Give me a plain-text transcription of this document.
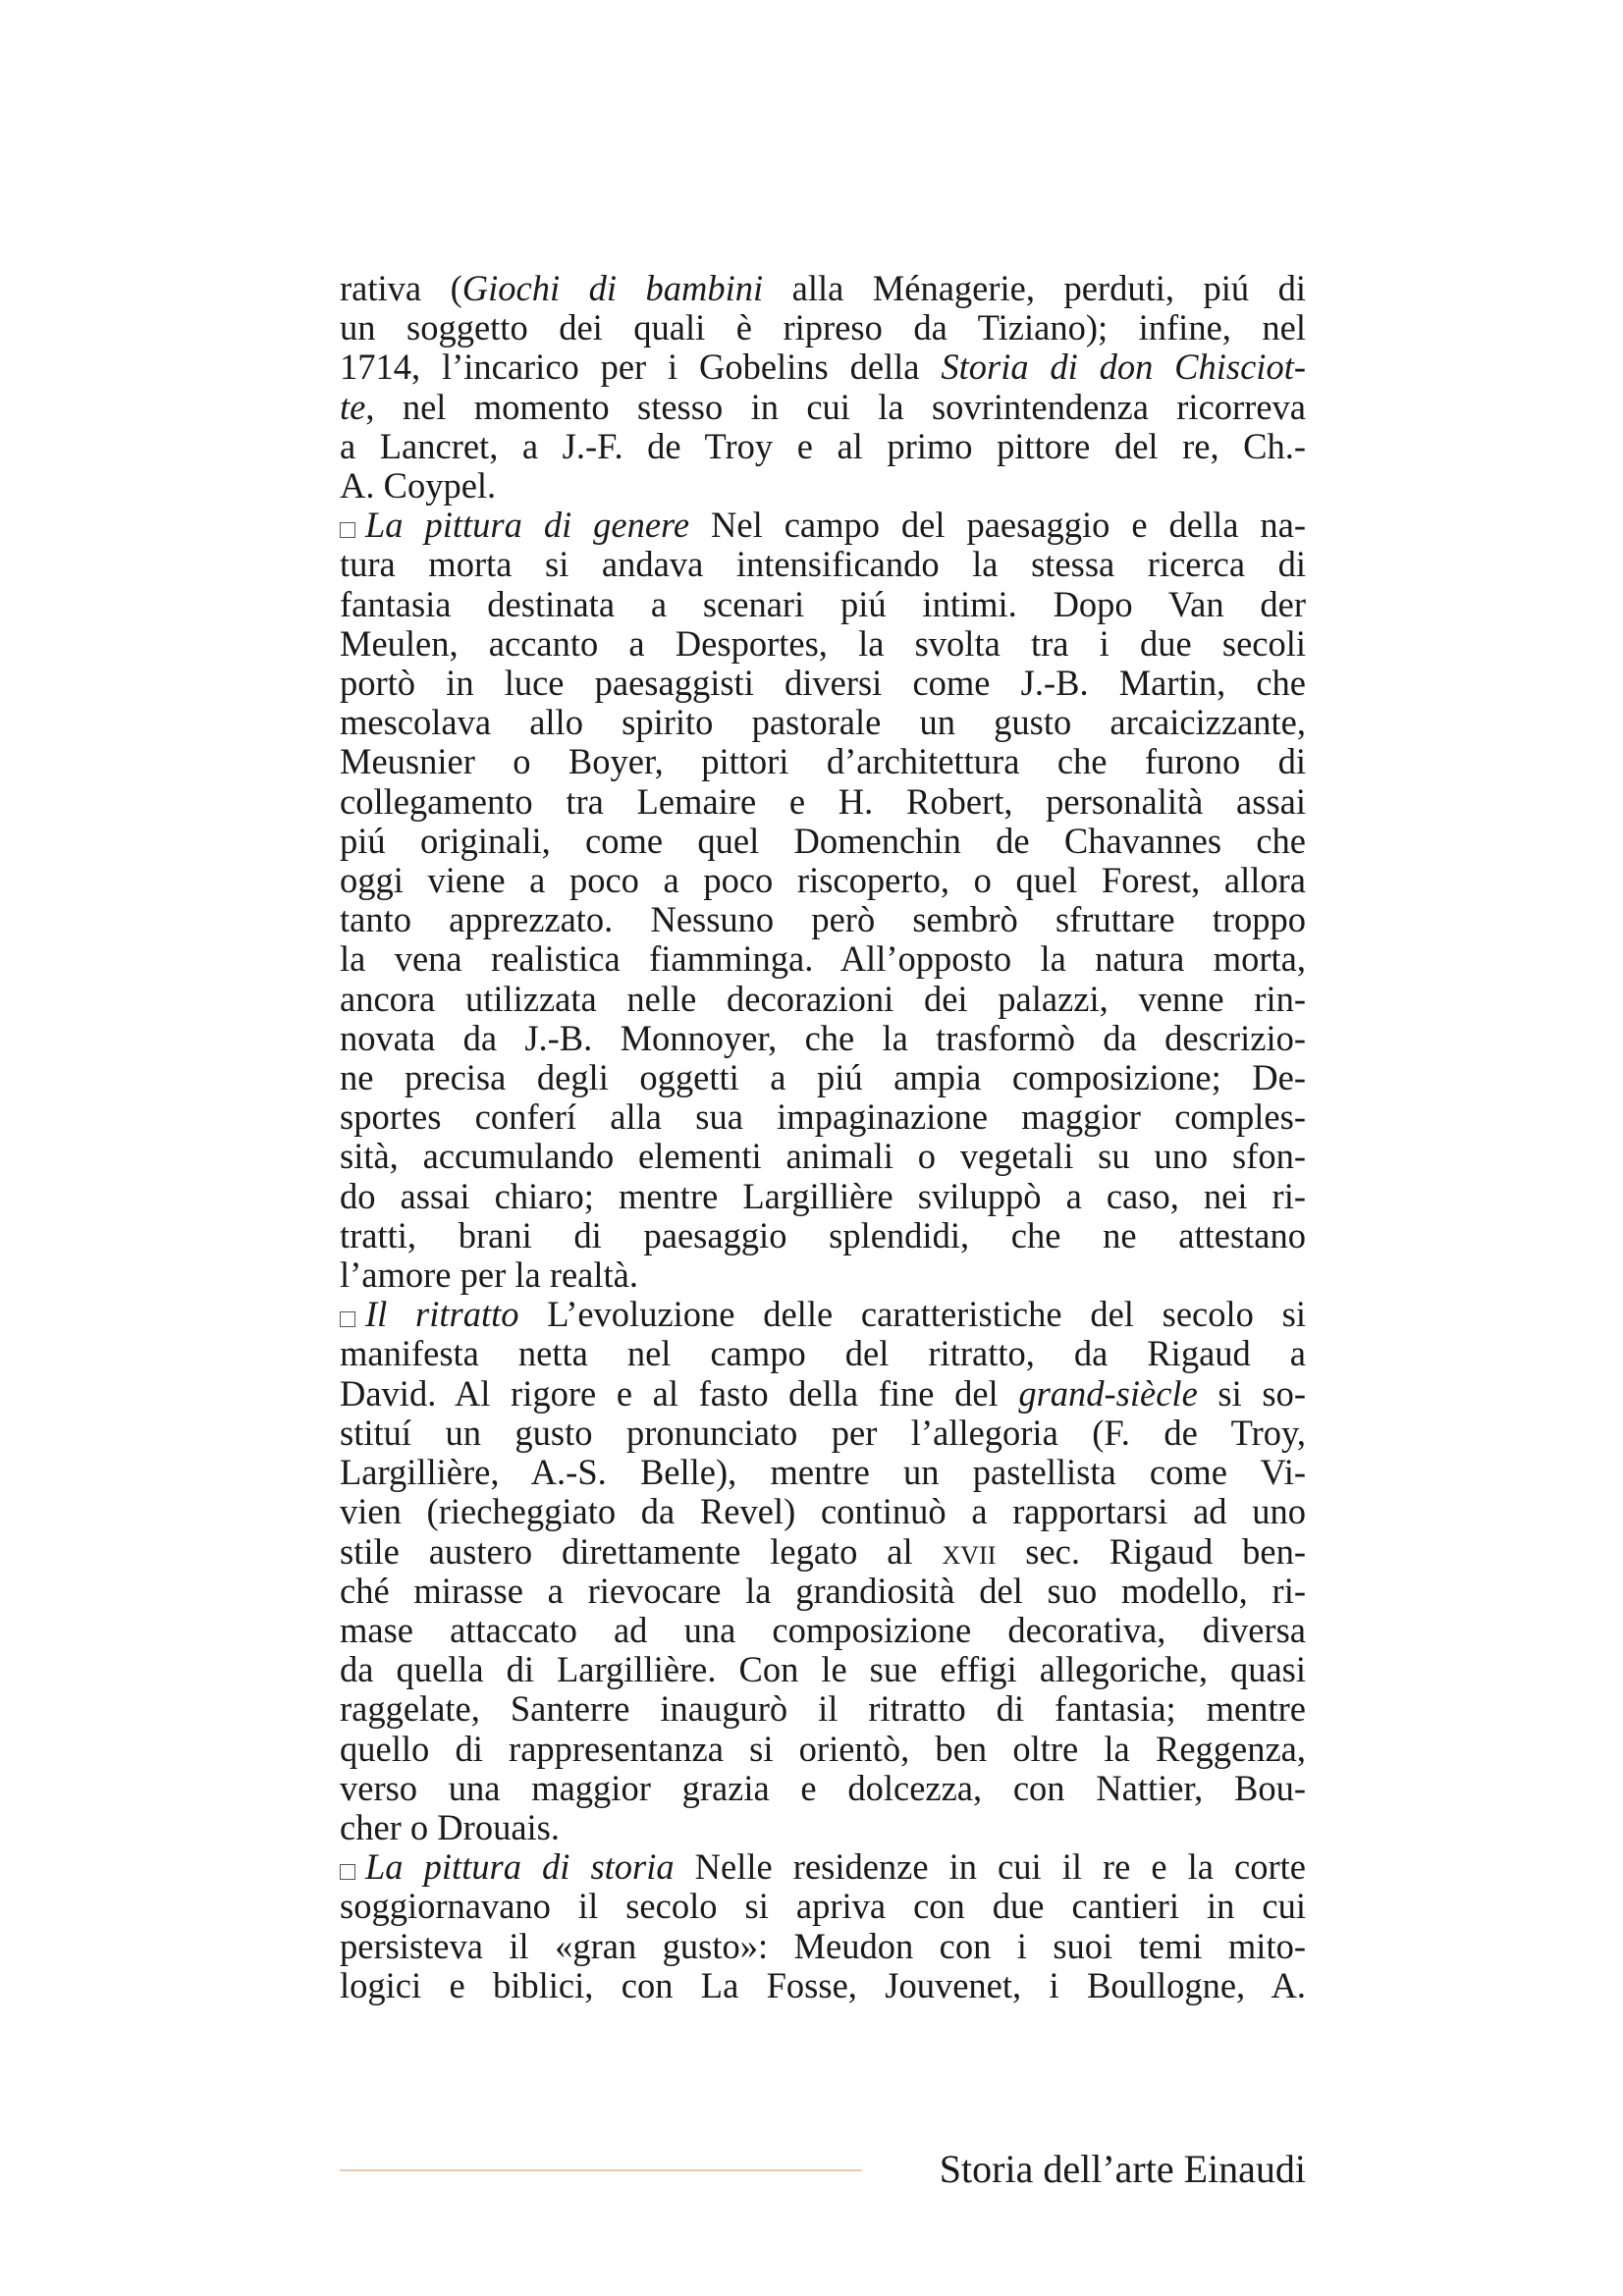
rativa (Giochi di bambini alla Ménagerie, perduti, piú di
un soggetto dei quali è ripreso da Tiziano); infine, nel
1714, l’incarico per i Gobelins della Storia di don Chisciot-
te, nel momento stesso in cui la sovrintendenza ricorreva
a Lancret, a J.-F. de Troy e al primo pittore del re, Ch.-
A. Coypel.
La pittura di genere Nel campo del paesaggio e della na-
tura morta si andava intensificando la stessa ricerca di
fantasia destinata a scenari piú intimi. Dopo Van der
Meulen, accanto a Desportes, la svolta tra i due secoli
portò in luce paesaggisti diversi come J.-B. Martin, che
mescolava allo spirito pastorale un gusto arcaicizzante,
Meusnier o Boyer, pittori d’architettura che furono di
collegamento tra Lemaire e H. Robert, personalità assai
piú originali, come quel Domenchin de Chavannes che
oggi viene a poco a poco riscoperto, o quel Forest, allora
tanto apprezzato. Nessuno però sembrò sfruttare troppo
la vena realistica fiamminga. All’opposto la natura morta,
ancora utilizzata nelle decorazioni dei palazzi, venne rin-
novata da J.-B. Monnoyer, che la trasformò da descrizio-
ne precisa degli oggetti a piú ampia composizione; De-
sportes conferí alla sua impaginazione maggior comples-
sità, accumulando elementi animali o vegetali su uno sfon-
do assai chiaro; mentre Largillière sviluppò a caso, nei ri-
tratti, brani di paesaggio splendidi, che ne attestano
l’amore per la realtà.
Il ritratto L’evoluzione delle caratteristiche del secolo si
manifesta netta nel campo del ritratto, da Rigaud a
David. Al rigore e al fasto della fine del grand-siècle si so-
stituí un gusto pronunciato per l’allegoria (F. de Troy,
Largillière, A.-S. Belle), mentre un pastellista come Vi-
vien (riecheggiato da Revel) continuò a rapportarsi ad uno
stile austero direttamente legato al xvii sec. Rigaud ben-
ché mirasse a rievocare la grandiosità del suo modello, ri-
mase attaccato ad una composizione decorativa, diversa
da quella di Largillière. Con le sue effigi allegoriche, quasi
raggelate, Santerre inaugurò il ritratto di fantasia; mentre
quello di rappresentanza si orientò, ben oltre la Reggenza,
verso una maggior grazia e dolcezza, con Nattier, Bou-
cher o Drouais.
La pittura di storia Nelle residenze in cui il re e la corte
soggiornavano il secolo si apriva con due cantieri in cui
persisteva il «gran gusto»: Meudon con i suoi temi mito-
logici e biblici, con La Fosse, Jouvenet, i Boullogne, A.
Storia dell’arte Einaudi
